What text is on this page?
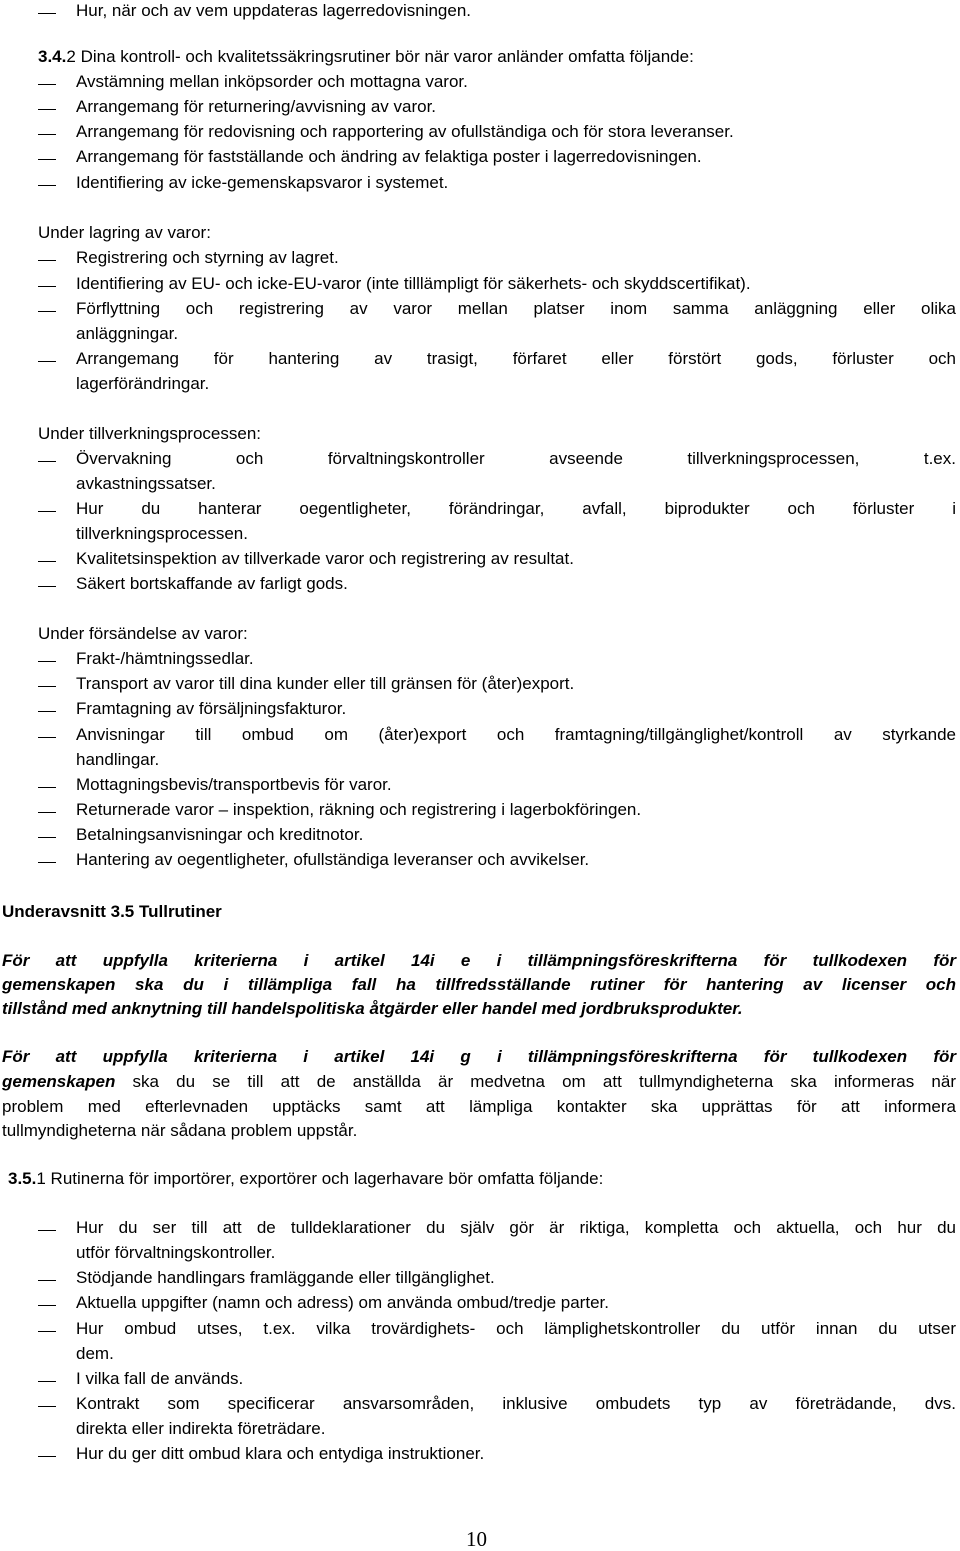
Hur, när och av vem uppdateras lagerredovisningen.
3.4.2 Dina kontroll- och kvalitetssäkringsrutiner bör när varor anländer omfatta följande:
Avstämning mellan inköpsorder och mottagna varor.
Arrangemang för returnering/avvisning av varor.
Arrangemang för redovisning och rapportering av ofullständiga och för stora leveranser.
Arrangemang för fastställande och ändring av felaktiga poster i lagerredovisningen.
Identifiering av icke-gemenskapsvaror i systemet.
Under lagring av varor:
Registrering och styrning av lagret.
Identifiering av EU- och icke-EU-varor (inte tilllämpligt för säkerhets- och skyddscertifikat).
Förflyttning och registrering av varor mellan platser inom samma anläggning eller olika
anläggningar.
Arrangemang för hantering av trasigt, förfaret eller förstört gods, förluster och
lagerförändringar.
Under tillverkningsprocessen:
Övervakning och förvaltningskontroller avseende tillverkningsprocessen, t.ex.
avkastningssatser.
Hur du hanterar oegentligheter, förändringar, avfall, biprodukter och förluster i
tillverkningsprocessen.
Kvalitetsinspektion av tillverkade varor och registrering av resultat.
Säkert bortskaffande av farligt gods.
Under försändelse av varor:
Frakt-/hämtningssedlar.
Transport av varor till dina kunder eller till gränsen för (åter)export.
Framtagning av försäljningsfakturor.
Anvisningar till ombud om (åter)export och framtagning/tillgänglighet/kontroll av styrkande
handlingar.
Mottagningsbevis/transportbevis för varor.
Returnerade varor – inspektion, räkning och registrering i lagerbokföringen.
Betalningsanvisningar och kreditnotor.
Hantering av oegentligheter, ofullständiga leveranser och avvikelser.
Underavsnitt 3.5 Tullrutiner
För att uppfylla kriterierna i artikel 14i e i tillämpningsföreskrifterna för tullkodexen för
gemenskapen ska du i tillämpliga fall ha tillfredsställande rutiner för hantering av licenser och
tillstånd med anknytning till handelspolitiska åtgärder eller handel med jordbruksprodukter.
För att uppfylla kriterierna i artikel 14i g i tillämpningsföreskrifterna för tullkodexen för
gemenskapen ska du se till att de anställda är medvetna om att tullmyndigheterna ska informeras när
problem med efterlevnaden upptäcks samt att lämpliga kontakter ska upprättas för att informera
tullmyndigheterna när sådana problem uppstår.
3.5.1 Rutinerna för importörer, exportörer och lagerhavare bör omfatta följande:
Hur du ser till att de tulldeklarationer du själv gör är riktiga, kompletta och aktuella, och hur du
utför förvaltningskontroller.
Stödjande handlingars framläggande eller tillgänglighet.
Aktuella uppgifter (namn och adress) om använda ombud/tredje parter.
Hur ombud utses, t.ex. vilka trovärdighets- och lämplighetskontroller du utför innan du utser
dem.
I vilka fall de används.
Kontrakt som specificerar ansvarsområden, inklusive ombudets typ av företrädande, dvs.
direkta eller indirekta företrädare.
Hur du ger ditt ombud klara och entydiga instruktioner.
10
